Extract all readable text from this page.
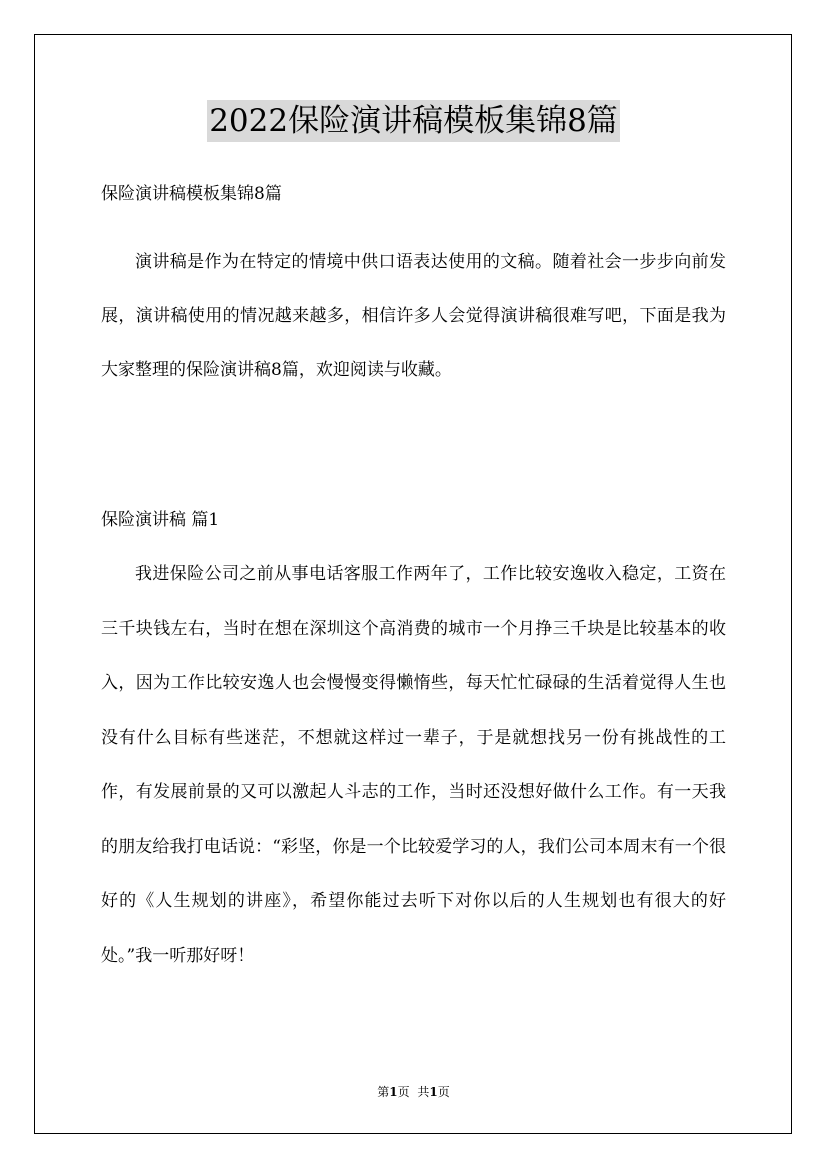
2022保险演讲稿模板集锦8篇
保险演讲稿模板集锦8篇

演讲稿是作为在特定的情境中供口语表达使用的文稿。随着社会一步步向前发展，演讲稿使用的情况越来越多，相信许多人会觉得演讲稿很难写吧，下面是我为大家整理的保险演讲稿8篇，欢迎阅读与收藏。

保险演讲稿 篇1

我进保险公司之前从事电话客服工作两年了，工作比较安逸收入稳定，工资在三千块钱左右，当时在想在深圳这个高消费的城市一个月挣三千块是比较基本的收入，因为工作比较安逸人也会慢慢变得懒惰些，每天忙忙碌碌的生活着觉得人生也没有什么目标有些迷茫，不想就这样过一辈子，于是就想找另一份有挑战性的工作，有发展前景的又可以激起人斗志的工作，当时还没想好做什么工作。有一天我的朋友给我打电话说：“彩坚，你是一个比较爱学习的人，我们公司本周末有一个很好的《人生规划的讲座》，希望你能过去听下对你以后的人生规划也有很大的好处。”我一听那好呀！

第1页 共1页
